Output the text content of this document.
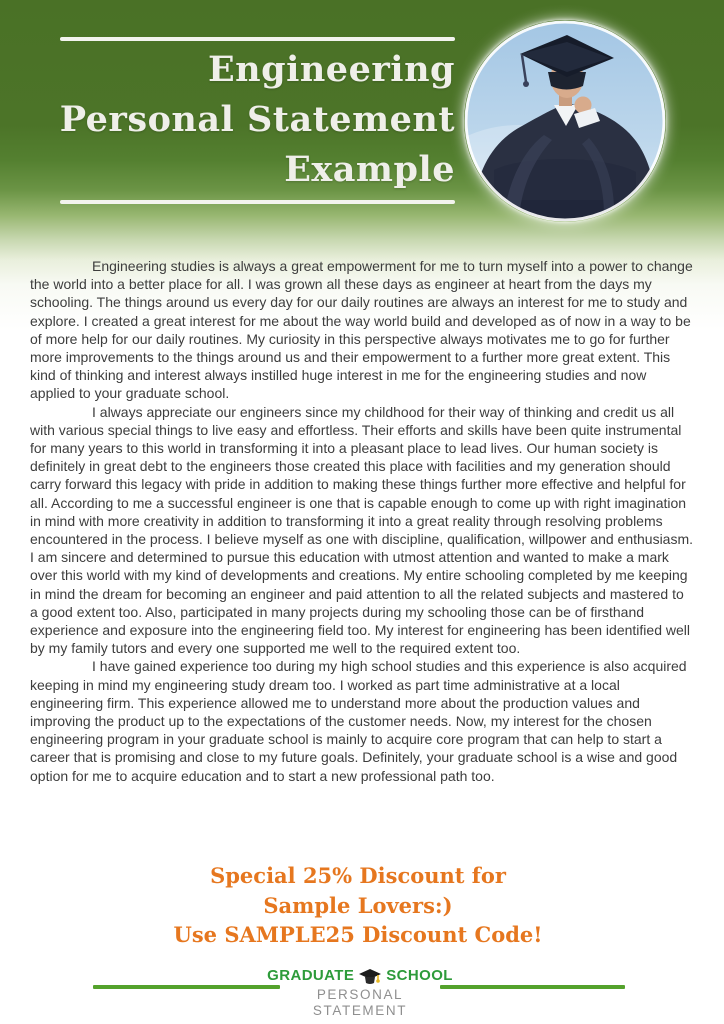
Engineering
Personal Statement
Example

Engineering studies is always a great empowerment for me to turn myself into a power to change the world into a better place for all. I was grown all these days as engineer at heart from the days my schooling. The things around us every day for our daily routines are always an interest for me to study and explore. I created a great interest for me about the way world build and developed as of now in a way to be of more help for our daily routines. My curiosity in this perspective always motivates me to go for further more improvements to the things around us and their empowerment to a further more great extent. This kind of thinking and interest always instilled huge interest in me for the engineering studies and now applied to your graduate school.

I always appreciate our engineers since my childhood for their way of thinking and credit us all with various special things to live easy and effortless. Their efforts and skills have been quite instrumental for many years to this world in transforming it into a pleasant place to lead lives. Our human society is definitely in great debt to the engineers those created this place with facilities and my generation should carry forward this legacy with pride in addition to making these things further more effective and helpful for all. According to me a successful engineer is one that is capable enough to come up with right imagination in mind with more creativity in addition to transforming it into a great reality through resolving problems encountered in the process. I believe myself as one with discipline, qualification, willpower and enthusiasm. I am sincere and determined to pursue this education with utmost attention and wanted to make a mark over this world with my kind of developments and creations. My entire schooling completed by me keeping in mind the dream for becoming an engineer and paid attention to all the related subjects and mastered to a good extent too. Also, participated in many projects during my schooling those can be of firsthand experience and exposure into the engineering field too. My interest for engineering has been identified well by my family tutors and every one supported me well to the required extent too.

I have gained experience too during my high school studies and this experience is also acquired keeping in mind my engineering study dream too. I worked as part time administrative at a local engineering firm. This experience allowed me to understand more about the production values and improving the product up to the expectations of the customer needs. Now, my interest for the chosen engineering program in your graduate school is mainly to acquire core program that can help to start a career that is promising and close to my future goals. Definitely, your graduate school is a wise and good option for me to acquire education and to start a new professional path too.

Special 25% Discount for
Sample Lovers:)
Use SAMPLE25 Discount Code!
GRADUATE SCHOOL
PERSONAL STATEMENT
